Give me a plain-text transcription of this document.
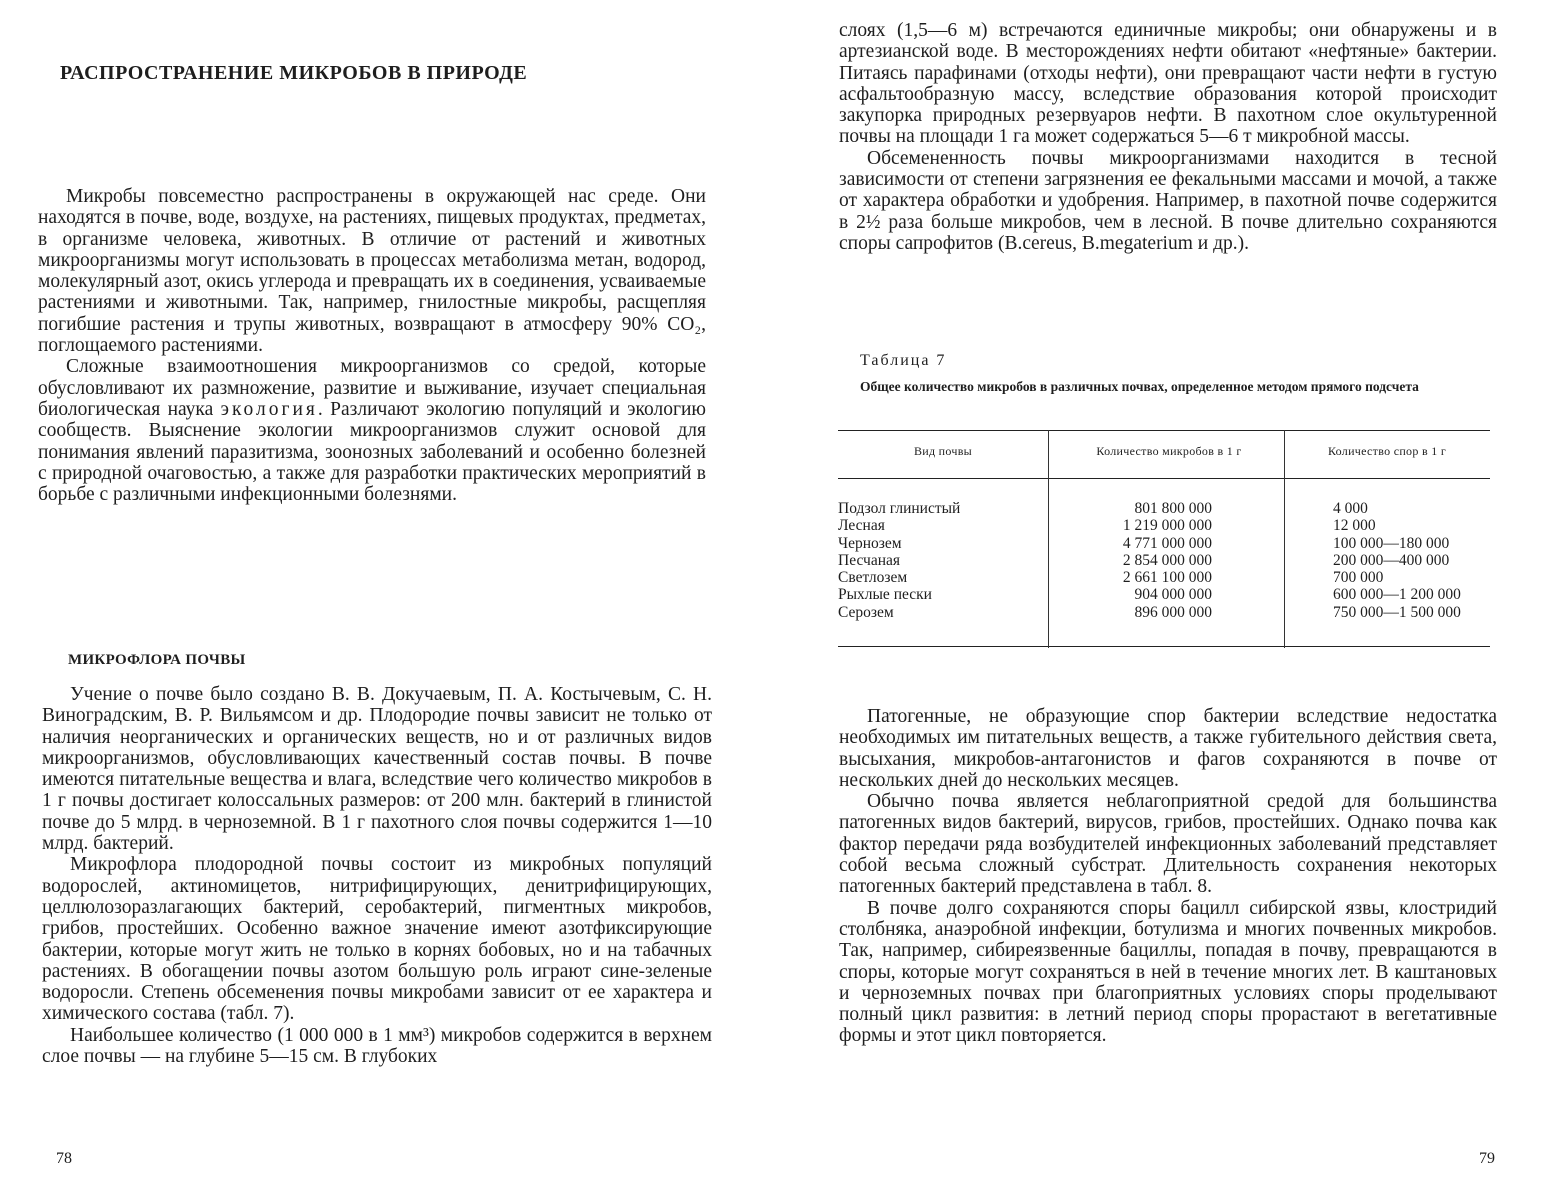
РАСПРОСТРАНЕНИЕ МИКРОБОВ В ПРИРОДЕ

Микробы повсеместно распространены в окружающей нас среде. Они находятся в почве, воде, воздухе, на растениях, пищевых продуктах, предметах, в организме человека, животных. В отличие от растений и животных микроорганизмы могут использовать в процессах метаболизма метан, водород, молекулярный азот, окись углерода и превращать их в соединения, усваиваемые растениями и животными. Так, например, гнилостные микробы, расщепляя погибшие растения и трупы животных, возвращают в атмосферу 90% CO₂, поглощаемого растениями.

Сложные взаимоотношения микроорганизмов со средой, которые обусловливают их размножение, развитие и выживание, изучает специальная биологическая наука экология. Различают экологию популяций и экологию сообществ. Выяснение экологии микроорганизмов служит основой для понимания явлений паразитизма, зоонозных заболеваний и особенно болезней с природной очаговостью, а также для разработки практических мероприятий в борьбе с различными инфекционными болезнями.

МИКРОФЛОРА ПОЧВЫ

Учение о почве было создано В. В. Докучаевым, П. А. Костычевым, С. Н. Виноградским, В. Р. Вильямсом и др. Плодородие почвы зависит не только от наличия неорганических и органических веществ, но и от различных видов микроорганизмов, обусловливающих качественный состав почвы. В почве имеются питательные вещества и влага, вследствие чего количество микробов в 1 г почвы достигает колоссальных размеров: от 200 млн. бактерий в глинистой почве до 5 млрд. в черноземной. В 1 г пахотного слоя почвы содержится 1—10 млрд. бактерий.

Микрофлора плодородной почвы состоит из микробных популяций водорослей, актиномицетов, нитрифицирующих, денитрифицирующих, целлюлозоразлагающих бактерий, серобактерий, пигментных микробов, грибов, простейших. Особенно важное значение имеют азотфиксирующие бактерии, которые могут жить не только в корнях бобовых, но и на табачных растениях. В обогащении почвы азотом большую роль играют сине-зеленые водоросли. Степень обсеменения почвы микробами зависит от ее характера и химического состава (табл. 7).

Наибольшее количество (1 000 000 в 1 мм³) микробов содержится в верхнем слое почвы — на глубине 5—15 см. В глубоких

78

слоях (1,5—6 м) встречаются единичные микробы; они обнаружены и в артезианской воде. В месторождениях нефти обитают «нефтяные» бактерии. Питаясь парафинами (отходы нефти), они превращают части нефти в густую асфальтообразную массу, вследствие образования которой происходит закупорка природных резервуаров нефти. В пахотном слое окультуренной почвы на площади 1 га может содержаться 5—6 т микробной массы.

Обсемененность почвы микроорганизмами находится в тесной зависимости от степени загрязнения ее фекальными массами и мочой, а также от характера обработки и удобрения. Например, в пахотной почве содержится в 2½ раза больше микробов, чем в лесной. В почве длительно сохраняются споры сапрофитов (B.cereus, B.megaterium и др.).

Таблица 7
Общее количество микробов в различных почвах, определенное методом прямого подсчета
Вид почвы	Количество микробов в 1 г	Количество спор в 1 г
Подзол глинистый	801 800 000	4 000
Лесная	1 219 000 000	12 000
Чернозем	4 771 000 000	100 000—180 000
Песчаная	2 854 000 000	200 000—400 000
Светлозем	2 661 100 000	700 000
Рыхлые пески	904 000 000	600 000—1 200 000
Серозем	896 000 000	750 000—1 500 000

Патогенные, не образующие спор бактерии вследствие недостатка необходимых им питательных веществ, а также губительного действия света, высыхания, микробов-антагонистов и фагов сохраняются в почве от нескольких дней до нескольких месяцев.

Обычно почва является неблагоприятной средой для большинства патогенных видов бактерий, вирусов, грибов, простейших. Однако почва как фактор передачи ряда возбудителей инфекционных заболеваний представляет собой весьма сложный субстрат. Длительность сохранения некоторых патогенных бактерий представлена в табл. 8.

В почве долго сохраняются споры бацилл сибирской язвы, клостридий столбняка, анаэробной инфекции, ботулизма и многих почвенных микробов. Так, например, сибиреязвенные бациллы, попадая в почву, превращаются в споры, которые могут сохраняться в ней в течение многих лет. В каштановых и черноземных почвах при благоприятных условиях споры проделывают полный цикл развития: в летний период споры прорастают в вегетативные формы и этот цикл повторяется.

79
